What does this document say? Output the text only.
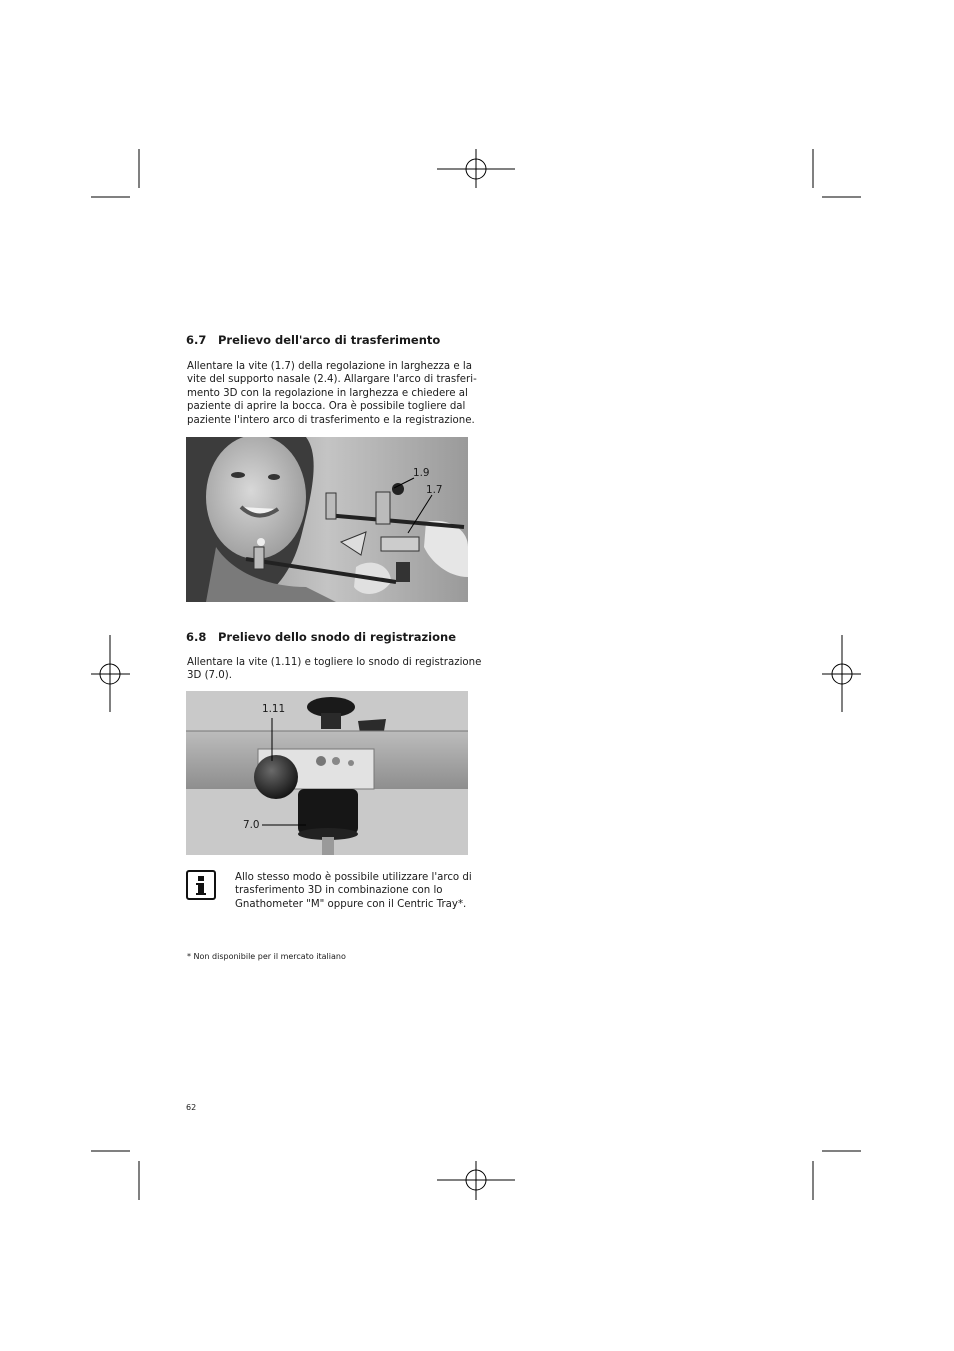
6.7 Prelievo dell'arco di trasferimento

Allentare la vite (1.7) della regolazione in larghezza e la
vite del supporto nasale (2.4). Allargare l'arco di trasferi-
mento 3D con la regolazione in larghezza e chiedere al
paziente di aprire la bocca. Ora è possibile togliere dal
paziente l'intero arco di trasferimento e la registrazione.

1.9
1.7
6.8 Prelievo dello snodo di registrazione

Allentare la vite (1.11) e togliere lo snodo di registrazione
3D (7.0).

1.11
7.0

Allo stesso modo è possibile utilizzare l'arco di
trasferimento 3D in combinazione con lo
Gnathometer "M" oppure con il Centric Tray*.

* Non disponibile per il mercato italiano

62
